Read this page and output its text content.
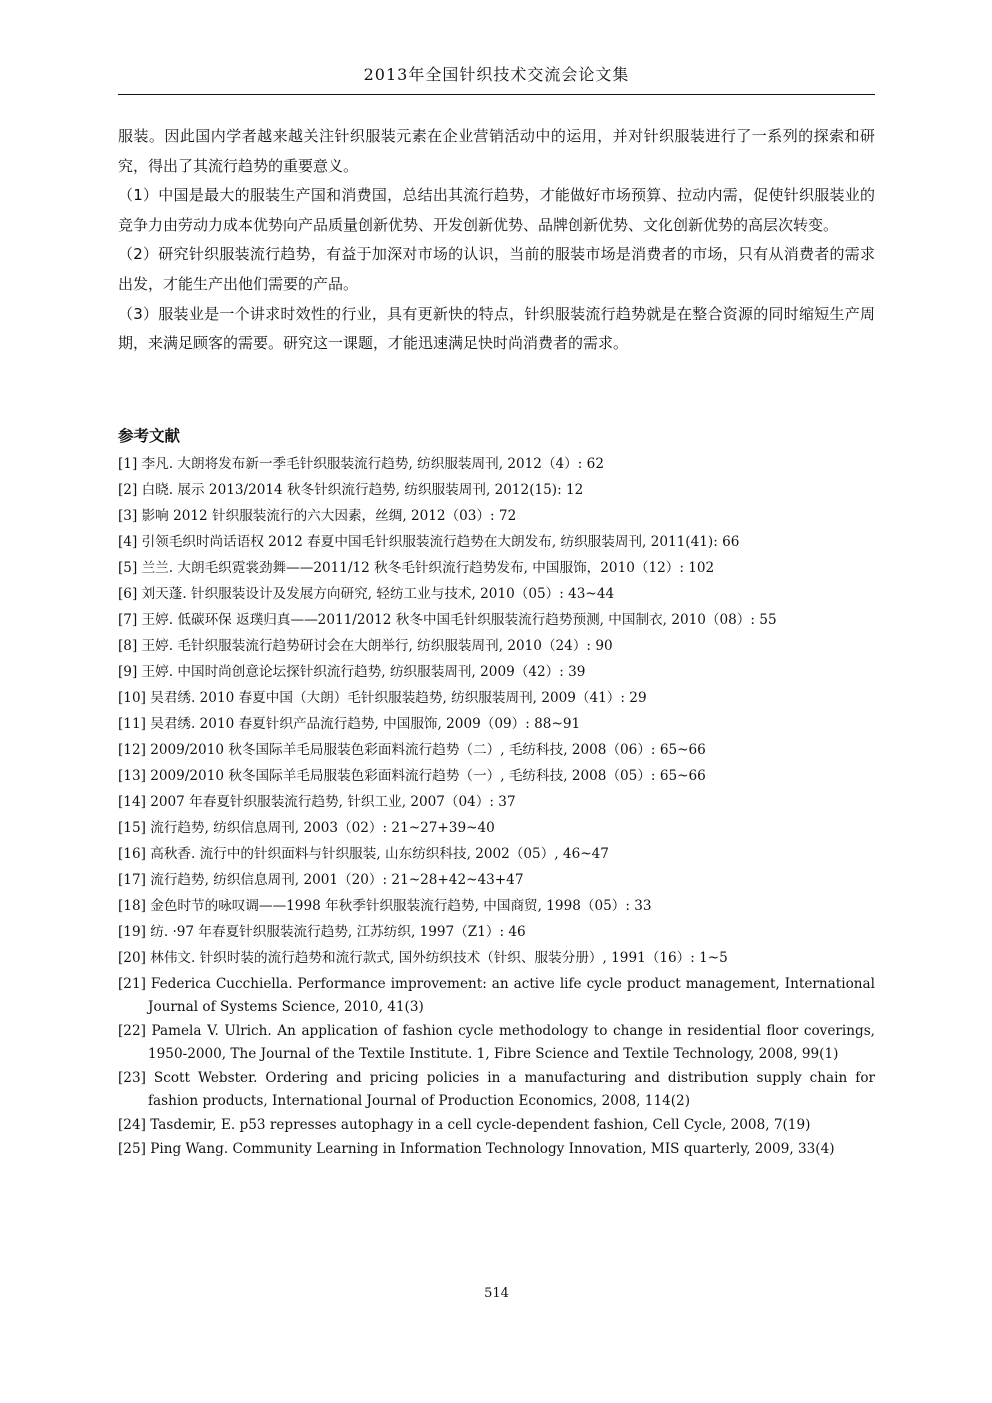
2013年全国针织技术交流会论文集

服装。因此国内学者越来越关注针织服装元素在企业营销活动中的运用，并对针织服装进行了一系列的探索和研究，得出了其流行趋势的重要意义。

（1）中国是最大的服装生产国和消费国，总结出其流行趋势，才能做好市场预算、拉动内需，促使针织服装业的竞争力由劳动力成本优势向产品质量创新优势、开发创新优势、品牌创新优势、文化创新优势的高层次转变。

（2）研究针织服装流行趋势，有益于加深对市场的认识，当前的服装市场是消费者的市场，只有从消费者的需求出发，才能生产出他们需要的产品。

（3）服装业是一个讲求时效性的行业，具有更新快的特点，针织服装流行趋势就是在整合资源的同时缩短生产周期，来满足顾客的需要。研究这一课题，才能迅速满足快时尚消费者的需求。

参考文献
[1] 李凡. 大朗将发布新一季毛针织服装流行趋势, 纺织服装周刊, 2012（4）: 62
[2] 白晓. 展示 2013/2014 秋冬针织流行趋势, 纺织服装周刊, 2012(15): 12
[3] 影响 2012 针织服装流行的六大因素，丝绸, 2012（03）: 72
[4] 引领毛织时尚话语权 2012 春夏中国毛针织服装流行趋势在大朗发布, 纺织服装周刊, 2011(41): 66
[5] 兰兰. 大朗毛织霓裳劲舞——2011/12 秋冬毛针织流行趋势发布, 中国服饰，2010（12）: 102
[6] 刘天蓬. 针织服装设计及发展方向研究, 轻纺工业与技术, 2010（05）: 43~44
[7] 王婷. 低碳环保 返璞归真——2011/2012 秋冬中国毛针织服装流行趋势预测, 中国制衣, 2010（08）: 55
[8] 王婷. 毛针织服装流行趋势研讨会在大朗举行, 纺织服装周刊, 2010（24）: 90
[9] 王婷. 中国时尚创意论坛探针织流行趋势, 纺织服装周刊, 2009（42）: 39
[10] 吴君绣. 2010 春夏中国（大朗）毛针织服装趋势, 纺织服装周刊, 2009（41）: 29
[11] 吴君绣. 2010 春夏针织产品流行趋势, 中国服饰, 2009（09）: 88~91
[12] 2009/2010 秋冬国际羊毛局服装色彩面料流行趋势（二）, 毛纺科技, 2008（06）: 65~66
[13] 2009/2010 秋冬国际羊毛局服装色彩面料流行趋势（一）, 毛纺科技, 2008（05）: 65~66
[14] 2007 年春夏针织服装流行趋势, 针织工业, 2007（04）: 37
[15] 流行趋势, 纺织信息周刊, 2003（02）: 21~27+39~40
[16] 高秋香. 流行中的针织面料与针织服装, 山东纺织科技, 2002（05）, 46~47
[17] 流行趋势, 纺织信息周刊, 2001（20）: 21~28+42~43+47
[18] 金色时节的咏叹调——1998 年秋季针织服装流行趋势, 中国商贸, 1998（05）: 33
[19] 纺. ·97 年春夏针织服装流行趋势, 江苏纺织, 1997（Z1）: 46
[20] 林伟文. 针织时装的流行趋势和流行款式, 国外纺织技术（针织、服装分册）, 1991（16）: 1~5
[21] Federica Cucchiella. Performance improvement: an active life cycle product management, International Journal of Systems Science, 2010, 41(3)
[22] Pamela V. Ulrich. An application of fashion cycle methodology to change in residential floor coverings, 1950-2000, The Journal of the Textile Institute. 1, Fibre Science and Textile Technology, 2008, 99(1)
[23] Scott Webster. Ordering and pricing policies in a manufacturing and distribution supply chain for fashion products, International Journal of Production Economics, 2008, 114(2)
[24] Tasdemir, E. p53 represses autophagy in a cell cycle-dependent fashion, Cell Cycle, 2008, 7(19)
[25] Ping Wang. Community Learning in Information Technology Innovation, MIS quarterly, 2009, 33(4)
514
